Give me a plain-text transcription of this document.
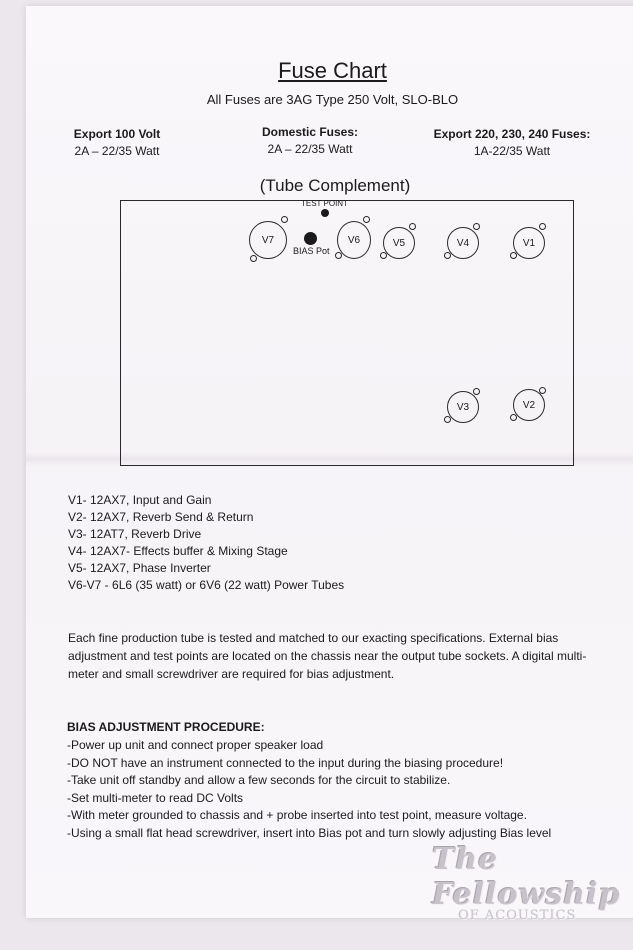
Fuse Chart
All Fuses are 3AG Type 250 Volt, SLO-BLO
Export 100 Volt
2A – 22/35 Watt
Domestic Fuses:
2A – 22/35 Watt
Export 220, 230, 240 Fuses:
1A-22/35 Watt
(Tube Complement)
TEST POINT
BIAS Pot
V7	V6	V5	V4	V1
V3	V2
V1- 12AX7, Input and Gain
V2- 12AX7, Reverb Send & Return
V3- 12AT7, Reverb Drive
V4- 12AX7- Effects buffer & Mixing Stage
V5- 12AX7, Phase Inverter
V6-V7 - 6L6 (35 watt) or 6V6 (22 watt) Power Tubes
Each fine production tube is tested and matched to our exacting specifications. External bias
adjustment and test points are located on the chassis near the output tube sockets. A digital multi-
meter and small screwdriver are required for bias adjustment.
BIAS ADJUSTMENT PROCEDURE:
-Power up unit and connect proper speaker load
-DO NOT have an instrument connected to the input during the biasing procedure!
-Take unit off standby and allow a few seconds for the circuit to stabilize.
-Set multi-meter to read DC Volts
-With meter grounded to chassis and + probe inserted into test point, measure voltage.
-Using a small flat head screwdriver, insert into Bias pot and turn slowly adjusting Bias level
The Fellowship
OF ACOUSTICS
